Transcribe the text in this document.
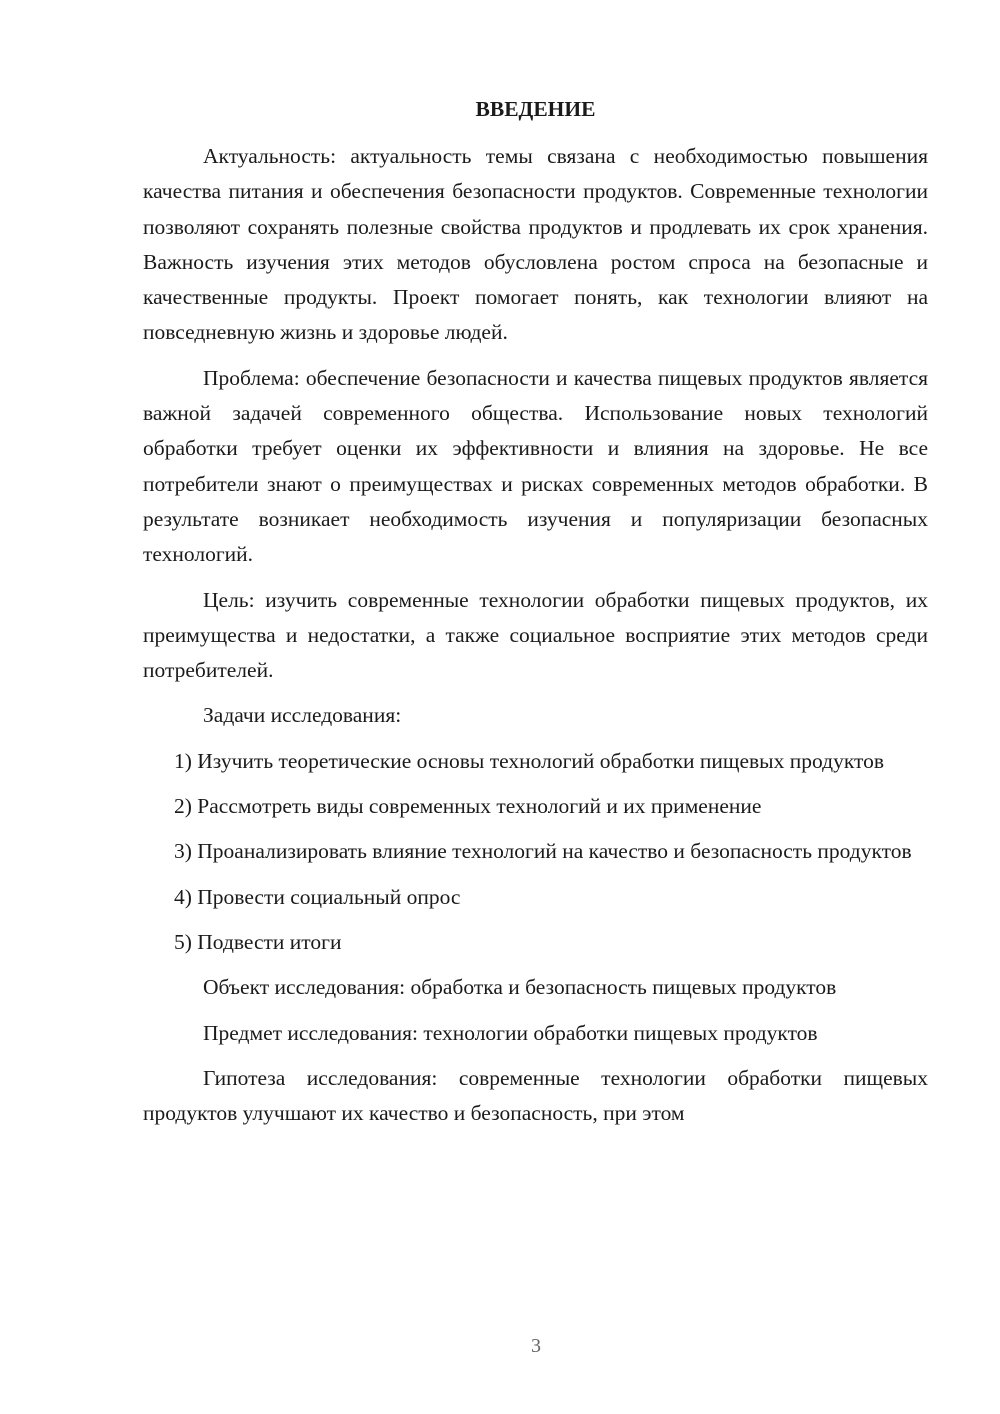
ВВЕДЕНИЕ

Актуальность: актуальность темы связана с необходимостью повышения качества питания и обеспечения безопасности продуктов. Современные технологии позволяют сохранять полезные свойства продуктов и продлевать их срок хранения. Важность изучения этих методов обусловлена ростом спроса на безопасные и качественные продукты. Проект помогает понять, как технологии влияют на повседневную жизнь и здоровье людей.

Проблема: обеспечение безопасности и качества пищевых продуктов является важной задачей современного общества. Использование новых технологий обработки требует оценки их эффективности и влияния на здоровье. Не все потребители знают о преимуществах и рисках современных методов обработки. В результате возникает необходимость изучения и популяризации безопасных технологий.

Цель: изучить современные технологии обработки пищевых продуктов, их преимущества и недостатки, а также социальное восприятие этих методов среди потребителей.

Задачи исследования:

1) Изучить теоретические основы технологий обработки пищевых продуктов

2) Рассмотреть виды современных технологий и их применение

3) Проанализировать влияние технологий на качество и безопасность продуктов

4) Провести социальный опрос

5) Подвести итоги

Объект исследования: обработка и безопасность пищевых продуктов

Предмет исследования: технологии обработки пищевых продуктов

Гипотеза исследования: современные технологии обработки пищевых продуктов улучшают их качество и безопасность, при этом

3
